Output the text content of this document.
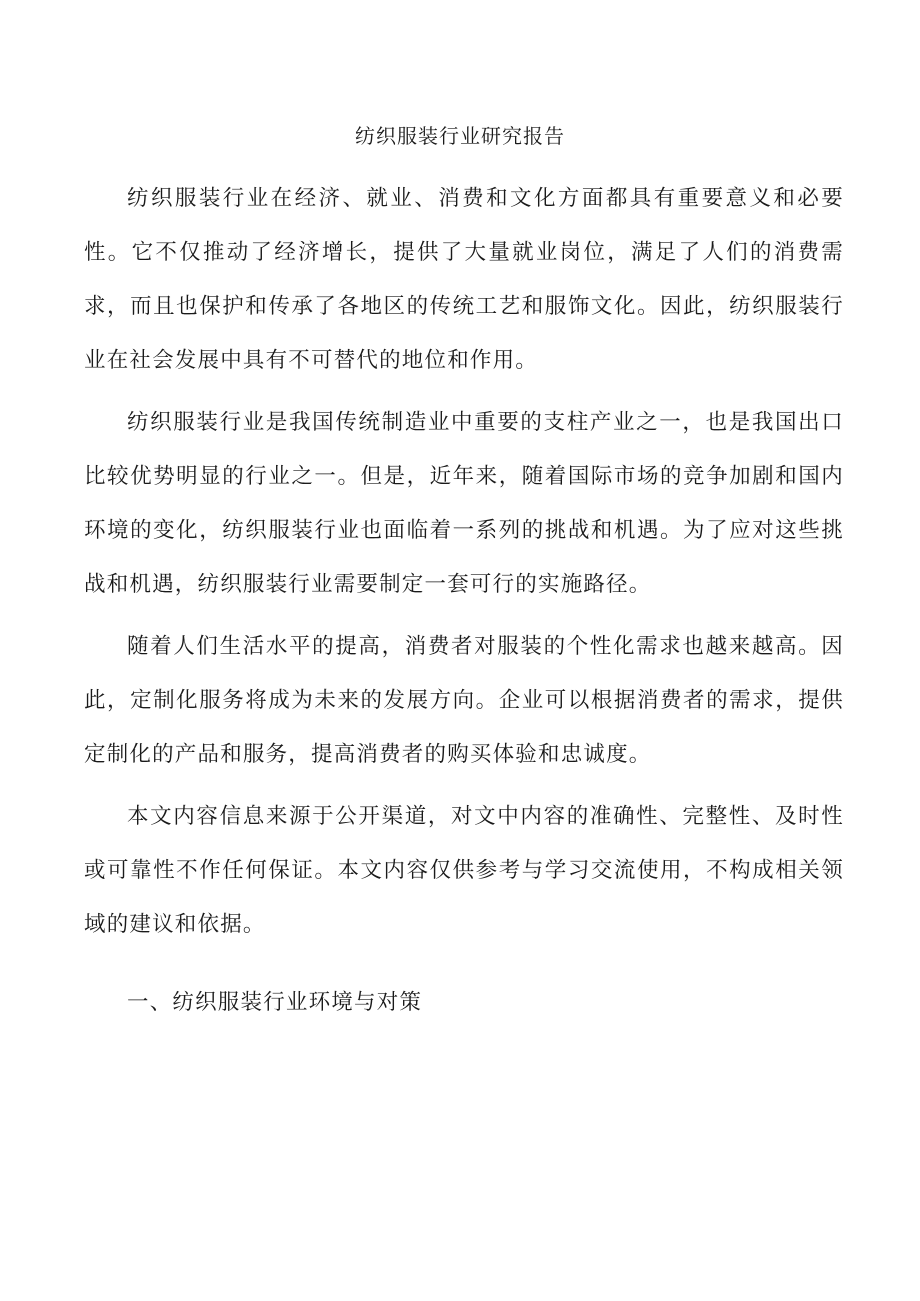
纺织服装行业研究报告

纺织服装行业在经济、就业、消费和文化方面都具有重要意义和必要性。它不仅推动了经济增长，提供了大量就业岗位，满足了人们的消费需求，而且也保护和传承了各地区的传统工艺和服饰文化。因此，纺织服装行业在社会发展中具有不可替代的地位和作用。

纺织服装行业是我国传统制造业中重要的支柱产业之一，也是我国出口比较优势明显的行业之一。但是，近年来，随着国际市场的竞争加剧和国内环境的变化，纺织服装行业也面临着一系列的挑战和机遇。为了应对这些挑战和机遇，纺织服装行业需要制定一套可行的实施路径。

随着人们生活水平的提高，消费者对服装的个性化需求也越来越高。因此，定制化服务将成为未来的发展方向。企业可以根据消费者的需求，提供定制化的产品和服务，提高消费者的购买体验和忠诚度。

本文内容信息来源于公开渠道，对文中内容的准确性、完整性、及时性或可靠性不作任何保证。本文内容仅供参考与学习交流使用，不构成相关领域的建议和依据。

一、纺织服装行业环境与对策
